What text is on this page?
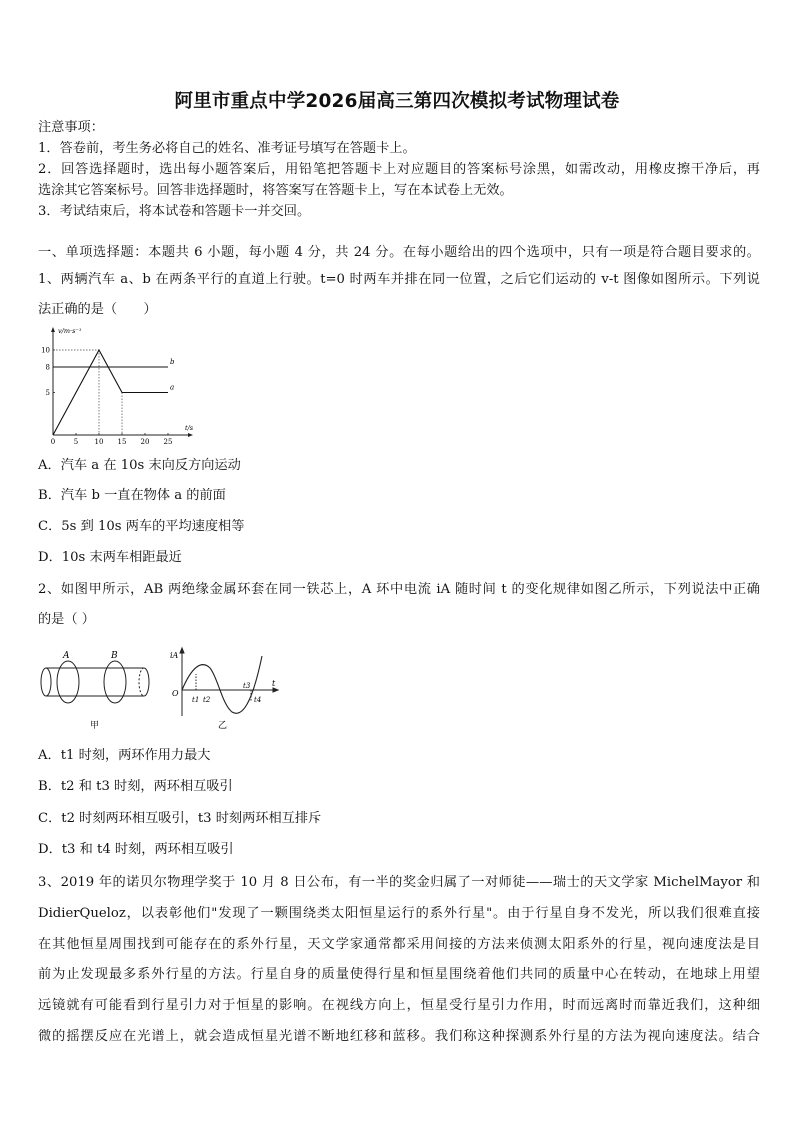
阿里市重点中学2026届高三第四次模拟考试物理试卷
注意事项：
1．答卷前，考生务必将自己的姓名、准考证号填写在答题卡上。
2．回答选择题时，选出每小题答案后，用铅笔把答题卡上对应题目的答案标号涂黑，如需改动，用橡皮擦干净后，再
选涂其它答案标号。回答非选择题时，将答案写在答题卡上，写在本试卷上无效。
3．考试结束后，将本试卷和答题卡一并交回。
一、单项选择题：本题共 6 小题，每小题 4 分，共 24 分。在每小题给出的四个选项中，只有一项是符合题目要求的。
1、两辆汽车 a、b 在两条平行的直道上行驶。t=0 时两车并排在同一位置，之后它们运动的 v-t 图像如图所示。下列说
法正确的是（　　）
v/m·s⁻¹
t/s
0	5 10 15 20 25
5
8
10
a
b
A．汽车 a 在 10s 末向反方向运动
B．汽车 b 一直在物体 a 的前面
C．5s 到 10s 两车的平均速度相等
D．10s 末两车相距最近
2、如图甲所示，AB 两绝缘金属环套在同一铁芯上，A 环中电流 iA 随时间 t 的变化规律如图乙所示，下列说法中正确
的是（ ）
A	B
甲
iA
O
t
t1 t2
t3
t4
乙
A．t1 时刻，两环作用力最大
B．t2 和 t3 时刻，两环相互吸引
C．t2 时刻两环相互吸引，t3 时刻两环相互排斥
D．t3 和 t4 时刻，两环相互吸引
3、2019 年的诺贝尔物理学奖于 10 月 8 日公布，有一半的奖金归属了一对师徒——瑞士的天文学家 MichelMayor 和
DidierQueloz，以表彰他们"发现了一颗围绕类太阳恒星运行的系外行星"。由于行星自身不发光，所以我们很难直接
在其他恒星周围找到可能存在的系外行星，天文学家通常都采用间接的方法来侦测太阳系外的行星，视向速度法是目
前为止发现最多系外行星的方法。行星自身的质量使得行星和恒星围绕着他们共同的质量中心在转动，在地球上用望
远镜就有可能看到行星引力对于恒星的影响。在视线方向上，恒星受行星引力作用，时而远离时而靠近我们，这种细
微的摇摆反应在光谱上，就会造成恒星光谱不断地红移和蓝移。我们称这种探测系外行星的方法为视向速度法。结合
